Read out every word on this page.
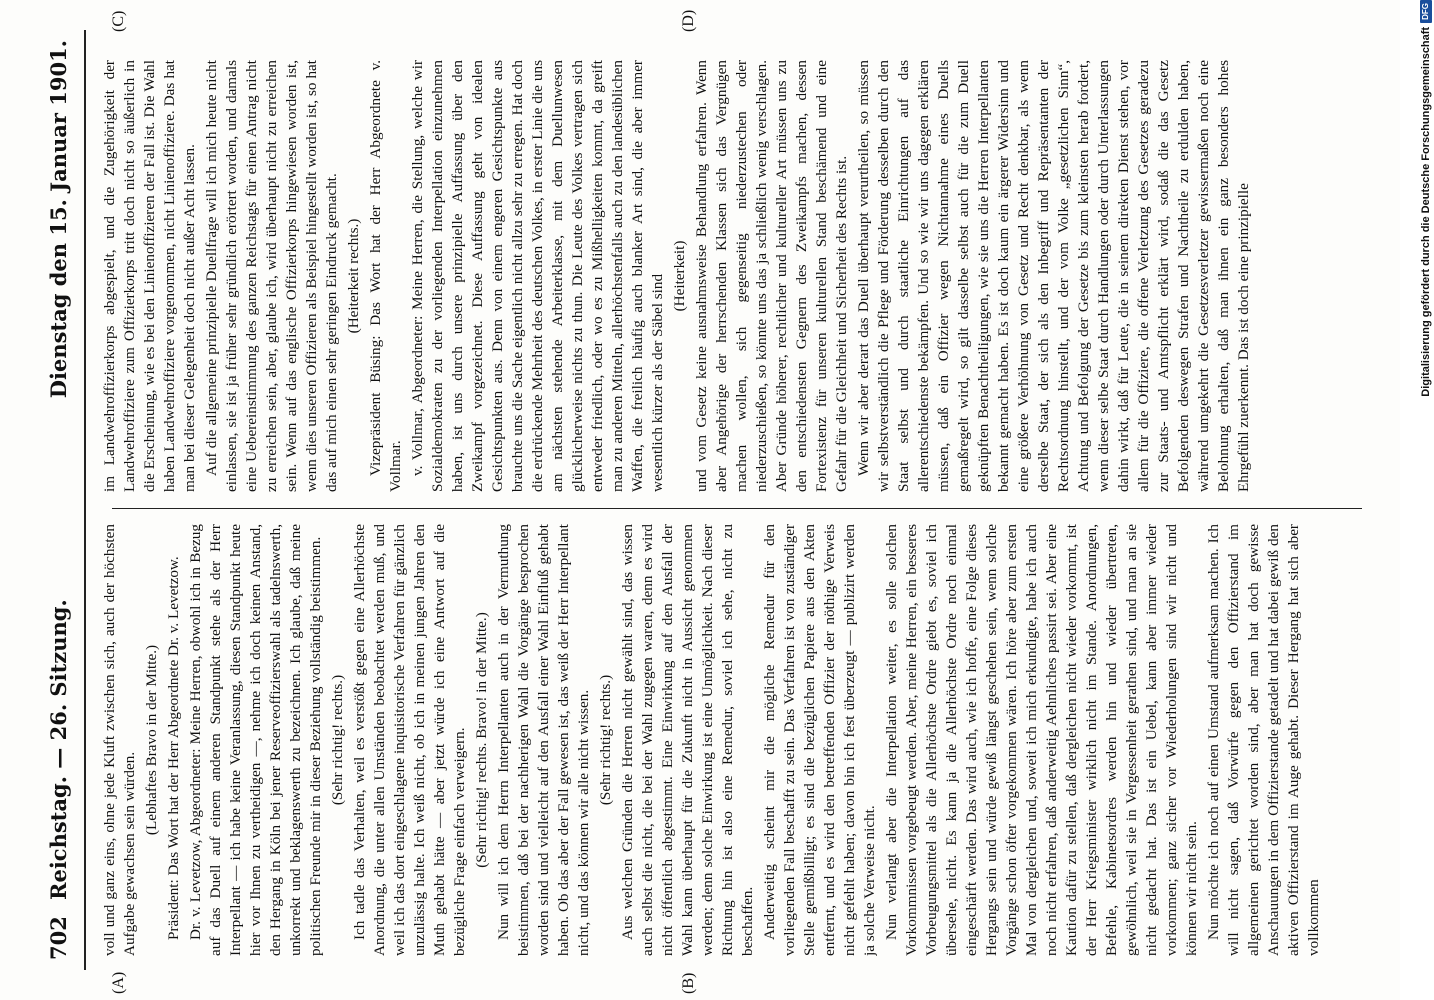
702
Reichstag. — 26. Sitzung.
Dienstag den 15. Januar 1901.
(A)	(B)
(C)	(D)

voll und ganz eins, ohne jede Kluft zwischen sich, auch der höchsten Aufgabe gewachsen sein würden.

(Lebhaftes Bravo in der Mitte.) Präsident: Das Wort hat der Herr Abgeordnete Dr. v. Levetzow. Dr. v. Levetzow, Abgeordneter: Meine Herren, obwohl ich in Bezug auf das Duell auf einem anderen Standpunkt stehe als der Herr Interpellant — ich habe keine Veranlassung, diesen Standpunkt heute hier vor Ihnen zu vertheidigen —, nehme ich doch keinen Anstand, den Hergang in Köln bei jener Reserveoffizierswahl als tadelnswerth, unkorrekt und beklagenswerth zu bezeichnen. Ich glaube, daß meine politischen Freunde mir in dieser Beziehung vollständig beistimmen. (Sehr richtig! rechts.) Ich tadle das Verhalten, weil es verstößt gegen eine Allerhöchste Anordnung, die unter allen Umständen beobachtet werden muß, und weil ich das dort eingeschlagene inquisitorische Verfahren für gänzlich unzulässig halte. Ich weiß nicht, ob ich in meinen jungen Jahren den Muth gehabt hätte — aber jetzt würde ich eine Antwort auf die bezügliche Frage einfach verweigern. (Sehr richtig! rechts. Bravo! in der Mitte.) Nun will ich dem Herrn Interpellanten auch in der Vermuthung beistimmen, daß bei der nachherigen Wahl die Vorgänge besprochen worden sind und vielleicht auf den Ausfall einer Wahl Einfluß gehabt haben. Ob das aber der Fall gewesen ist, das weiß der Herr Interpellant nicht, und das können wir alle nicht wissen. (Sehr richtig! rechts.) Aus welchen Gründen die Herren nicht gewählt sind, das wissen auch selbst die nicht, die bei der Wahl zugegen waren, denn es wird nicht öffentlich abgestimmt. Eine Einwirkung auf den Ausfall der Wahl kann überhaupt für die Zukunft nicht in Aussicht genommen werden; denn solche Einwirkung ist eine Unmöglichkeit. Nach dieser Richtung hin ist also eine Remedur, soviel ich sehe, nicht zu beschaffen. Anderweitig scheint mir die mögliche Remedur für den vorliegenden Fall beschafft zu sein. Das Verfahren ist von zuständiger Stelle gemißbilligt; es sind die bezüglichen Papiere aus den Akten entfernt, und es wird den betreffenden Offizier der nöthige Verweis nicht gefehlt haben; davon bin ich fest überzeugt — publizirt werden ja solche Verweise nicht. Nun verlangt aber die Interpellation weiter, es solle solchen Vorkommnissen vorgebeugt werden. Aber, meine Herren, ein besseres Vorbeugungsmittel als die Allerhöchste Ordre giebt es, soviel ich übersehe, nicht. Es kann ja die Allerhöchste Ordre noch einmal eingeschärft werden. Das wird auch, wie ich hoffe, eine Folge dieses Hergangs sein und würde gewiß längst geschehen sein, wenn solche Vorgänge schon öfter vorgekommen wären. Ich höre aber zum ersten Mal von dergleichen und, soweit ich mich erkundigte, habe ich auch noch nicht erfahren, daß anderweitig Aehnliches passirt sei. Aber eine Kaution dafür zu stellen, daß dergleichen nicht wieder vorkommt, ist der Herr Kriegsminister wirklich nicht im Stande. Anordnungen, Befehle, Kabinetsordres werden hin und wieder übertreten, gewöhnlich, weil sie in Vergessenheit gerathen sind, und man an sie nicht gedacht hat. Das ist ein Uebel, kann aber immer wieder vorkommen; ganz sicher vor Wiederholungen sind wir nicht und können wir nicht sein. Nun möchte ich noch auf einen Umstand aufmerksam machen. Ich will nicht sagen, daß Vorwürfe gegen den Offizierstand im allgemeinen gerichtet worden sind, aber man hat doch gewisse Anschauungen in dem Offizierstande getadelt und hat dabei gewiß den aktiven Offizierstand im Auge gehabt. Dieser Hergang hat sich aber vollkommen

im Landwehroffizierkorps abgespielt, und die Zugehörigkeit der Landwehroffiziere zum Offizierkorps tritt doch nicht so äußerlich in die Erscheinung, wie es bei den Linienoffizieren der Fall ist. Die Wahl haben Landwehroffiziere vorgenommen, nicht Linienoffiziere. Das hat man bei dieser Gelegenheit doch nicht außer Acht lassen. Auf die allgemeine prinzipielle Duellfrage will ich mich heute nicht einlassen, sie ist ja früher sehr gründlich erörtert worden, und damals eine Uebereinstimmung des ganzen Reichstags für einen Antrag nicht zu erreichen sein, aber, glaube ich, wird überhaupt nicht zu erreichen sein. Wenn auf das englische Offizierkorps hingewiesen worden ist, wenn dies unseren Offizieren als Beispiel hingestellt worden ist, so hat das auf mich einen sehr geringen Eindruck gemacht. (Heiterkeit rechts.) Vizepräsident Büsing: Das Wort hat der Herr Abgeordnete v. Vollmar. v. Vollmar, Abgeordneter: Meine Herren, die Stellung, welche wir Sozialdemokraten zu der vorliegenden Interpellation einzunehmen haben, ist uns durch unsere prinzipielle Auffassung über den Zweikampf vorgezeichnet. Diese Auffassung geht von idealen Gesichtspunkten aus. Denn von einem engeren Gesichtspunkte aus brauchte uns die Sache eigentlich nicht allzu sehr zu erregen. Hat doch die erdrückende Mehrheit des deutschen Volkes, in erster Linie die uns am nächsten stehende Arbeiterklasse, mit dem Duellunwesen glücklicherweise nichts zu thun. Die Leute des Volkes vertragen sich entweder friedlich, oder wo es zu Mißhelligkeiten kommt, da greift man zu anderen Mitteln, allerhöchstenfalls auch zu den landesüblichen Waffen, die freilich häufig auch blanker Art sind, die aber immer wesentlich kürzer als der Säbel sind (Heiterkeit) und vom Gesetz keine ausnahmsweise Behandlung erfahren. Wenn aber Angehörige der herrschenden Klassen sich das Vergnügen machen wollen, sich gegenseitig niederzustechen oder niederzuschießen, so könnte uns das ja schließlich wenig verschlagen. Aber Gründe höherer, rechtlicher und kultureller Art müssen uns zu den entschiedensten Gegnern des Zweikampfs machen, dessen Fortexistenz für unseren kulturellen Stand beschämend und eine Gefahr für die Gleichheit und Sicherheit des Rechts ist. Wenn wir aber derart das Duell überhaupt verurtheilen, so müssen wir selbstverständlich die Pflege und Förderung desselben durch den Staat selbst und durch staatliche Einrichtungen auf das allerentschiedenste bekämpfen. Und so wie wir uns dagegen erklären müssen, daß ein Offizier wegen Nichtannahme eines Duells gemaßregelt wird, so gilt dasselbe selbst auch für die zum Duell geknüpften Benachtheiligungen, wie sie uns die Herren Interpellanten bekannt gemacht haben. Es ist doch kaum ein ärgerer Widersinn und eine größere Verhöhnung von Gesetz und Recht denkbar, als wenn derselbe Staat, der sich als den Inbegriff und Repräsentanten der Rechtsordnung hinstellt, und der vom Volke „gesetzlichen Sinn“, Achtung und Befolgung der Gesetze bis zum kleinsten herab fordert, wenn dieser selbe Staat durch Handlungen oder durch Unterlassungen dahin wirkt, daß für Leute, die in seinem direkten Dienst stehen, vor allem für die Offiziere, die offene Verletzung des Gesetzes geradezu zur Staats- und Amtspflicht erklärt wird, sodaß die das Gesetz Befolgenden deswegen Strafen und Nachtheile zu erdulden haben, während umgekehrt die Gesetzesverletzer gewissermaßen noch eine Belohnung erhalten, daß man ihnen ein ganz besonders hohes Ehrgefühl zuerkennt. Das ist doch eine prinzipielle	Digitalisierung gefördert durch die Deutsche ForschungsgemeinschaftDFG
